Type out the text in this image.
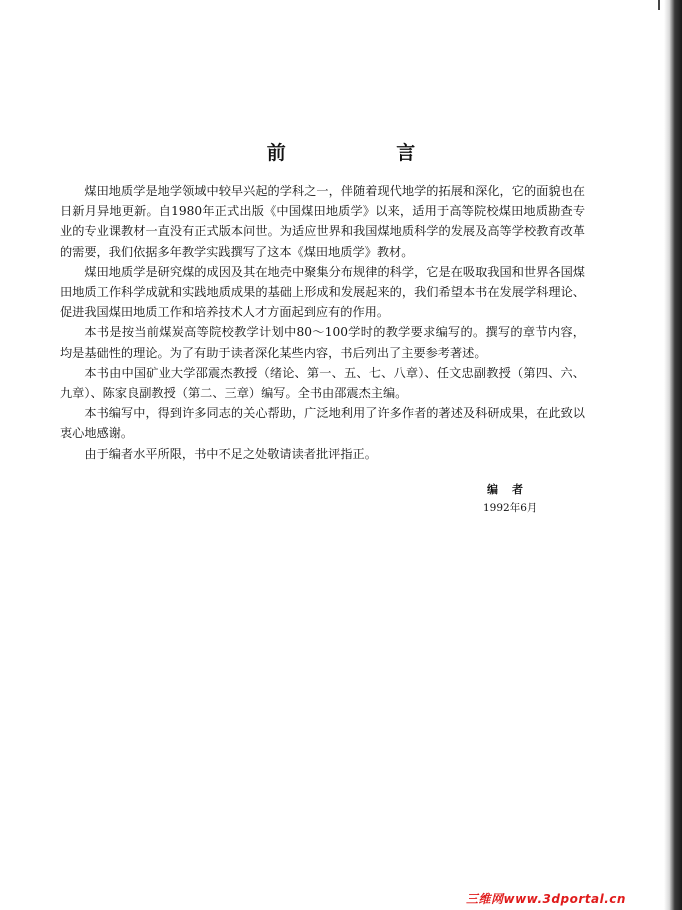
前 言

煤田地质学是地学领域中较早兴起的学科之一，伴随着现代地学的拓展和深化，它的面貌也在日新月异地更新。自1980年正式出版《中国煤田地质学》以来，适用于高等院校煤田地质勘查专业的专业课教材一直没有正式版本问世。为适应世界和我国煤地质科学的发展及高等学校教育改革的需要，我们依据多年教学实践撰写了这本《煤田地质学》教材。

煤田地质学是研究煤的成因及其在地壳中聚集分布规律的科学，它是在吸取我国和世界各国煤田地质工作科学成就和实践地质成果的基础上形成和发展起来的，我们希望本书在发展学科理论、促进我国煤田地质工作和培养技术人才方面起到应有的作用。

本书是按当前煤炭高等院校教学计划中80～100学时的教学要求编写的。撰写的章节内容，均是基础性的理论。为了有助于读者深化某些内容，书后列出了主要参考著述。

本书由中国矿业大学邵震杰教授（绪论、第一、五、七、八章）、任文忠副教授（第四、六、九章）、陈家良副教授（第二、三章）编写。全书由邵震杰主编。

本书编写中，得到许多同志的关心帮助，广泛地利用了许多作者的著述及科研成果，在此致以衷心地感谢。

由于编者水平所限，书中不足之处敬请读者批评指正。

编者

1992年6月

三维网www.3dportal.cn
